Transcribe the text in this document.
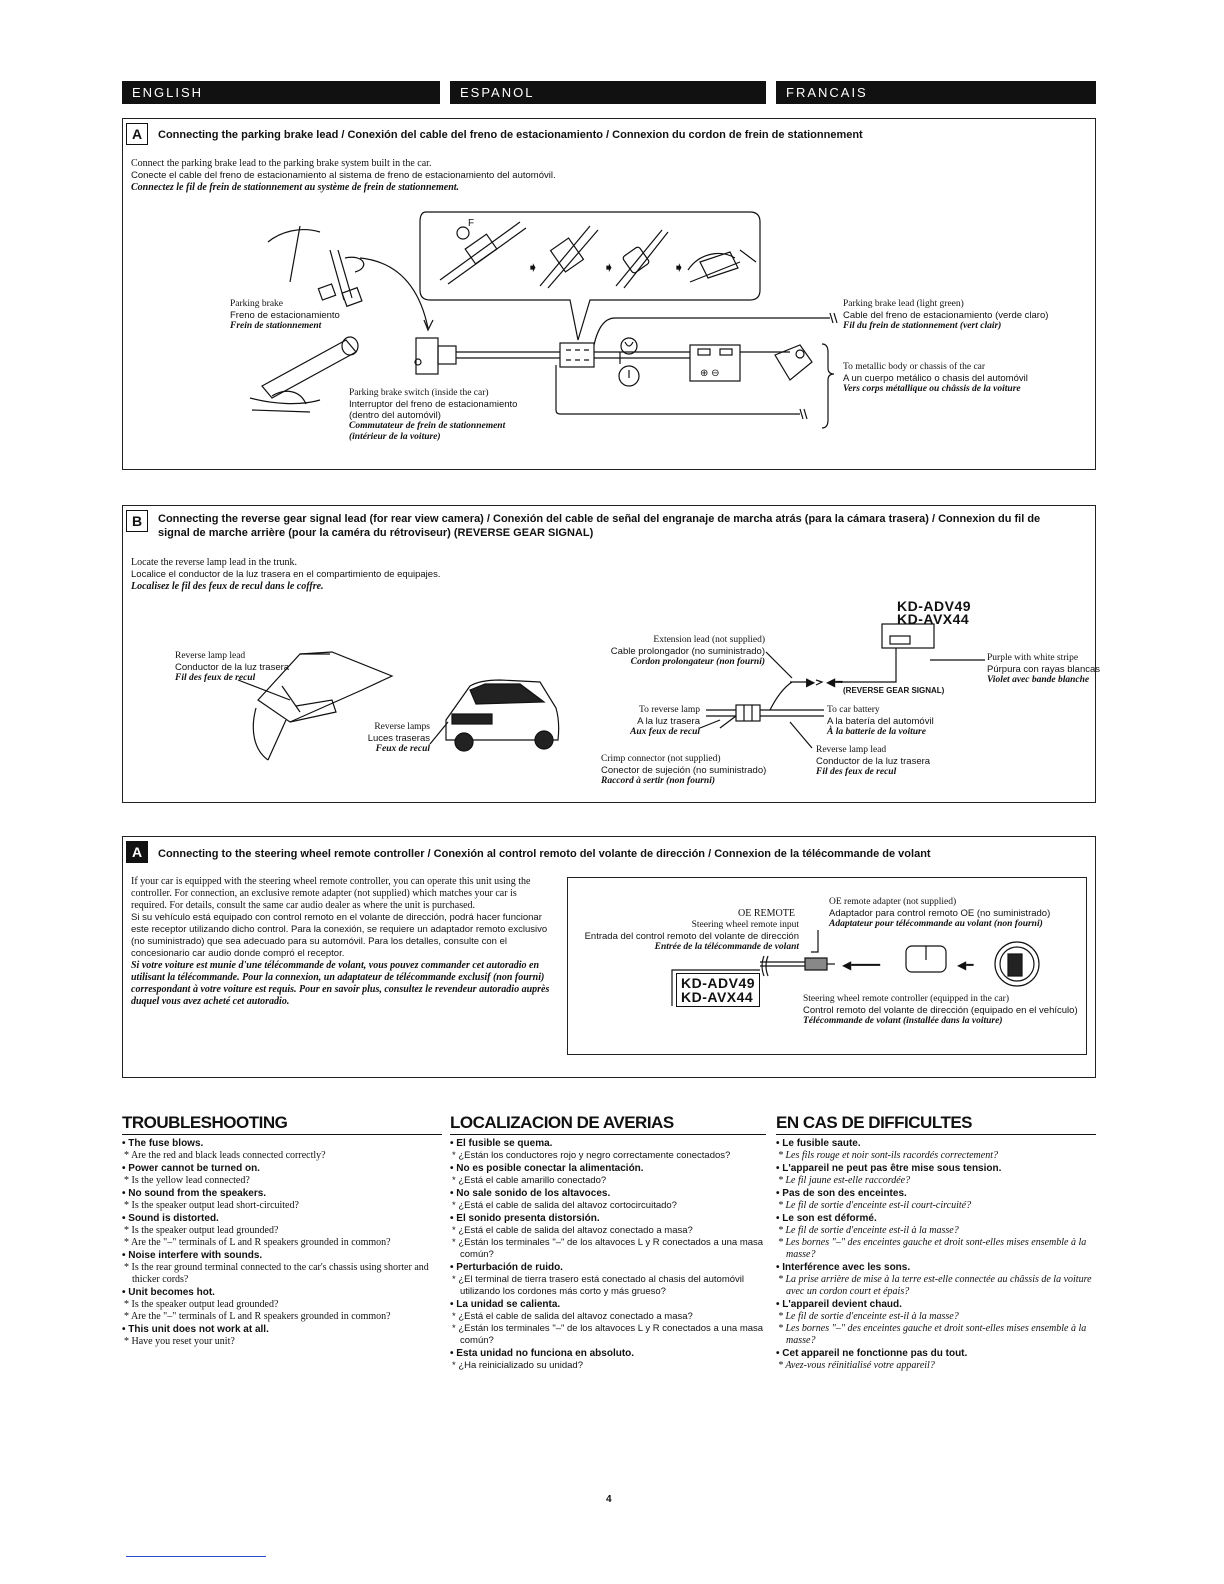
ENGLISH	ESPANOL	FRANCAIS
A	Connecting the parking brake lead / Conexión del cable del freno de estacionamiento / Connexion du cordon de frein de stationnement
Connect the parking brake lead to the parking brake system built in the car.
Conecte el cable del freno de estacionamiento al sistema de freno de estacionamiento del automóvil.
Connectez le fil de frein de stationnement au système de frein de stationnement.
⊕ ⊖
F
➧	➧	➧
Parking brake
Freno de estacionamiento
Frein de stationnement
Parking brake switch (inside the car)
Interruptor del freno de estacionamiento
(dentro del automóvil)
Commutateur de frein de stationnement
(intérieur de la voiture)
Parking brake lead (light green)
Cable del freno de estacionamiento (verde claro)
Fil du frein de stationnement (vert clair)
To metallic body or chassis of the car
A un cuerpo metálico o chasis del automóvil
Vers corps métallique ou châssis de la voiture
B	Connecting the reverse gear signal lead (for rear view camera) / Conexión del cable de señal del engranaje de marcha atrás (para la cámara trasera) / Connexion du fil de
signal de marche arrière (pour la caméra du rétroviseur) (REVERSE GEAR SIGNAL)
Locate the reverse lamp lead in the trunk.
Localice el conductor de la luz trasera en el compartimiento de equipajes.
Localisez le fil des feux de recul dans le coffre.
KD-ADV49
KD-AVX44
◀━
▶
Reverse lamp lead
Conductor de la luz trasera
Fil des feux de recul
Reverse lamps
Luces traseras
Feux de recul
Extension lead (not supplied)
Cable prolongador (no suministrado)
Cordon prolongateur (non fourni)	Purple with white stripe
Púrpura con rayas blancas
Violet avec bande blanche
(REVERSE GEAR SIGNAL)
To reverse lamp
A la luz trasera
Aux feux de recul
To car battery
A la batería del automóvil
À la batterie de la voiture
Crimp connector (not supplied)
Conector de sujeción (no suministrado)
Raccord à sertir (non fourni)
Reverse lamp lead
Conductor de la luz trasera
Fil des feux de recul
A	Connecting to the steering wheel remote controller / Conexión al control remoto del volante de dirección / Connexion de la télécommande de volant
If your car is equipped with the steering wheel remote controller, you can operate this unit using the controller. For connection, an exclusive remote adapter (not supplied) which matches your car is required. For details, consult the same car audio dealer as where the unit is purchased.
Si su vehículo está equipado con control remoto en el volante de dirección, podrá hacer funcionar este receptor utilizando dicho control. Para la conexión, se requiere un adaptador remoto exclusivo (no suministrado) que sea adecuado para su automóvil. Para los detalles, consulte con el concesionario car audio donde compró el receptor.
Si votre voiture est munie d'une télécommande de volant, vous pouvez commander cet autoradio en utilisant la télécommande. Pour la connexion, un adaptateur de télécommande exclusif (non fourni) correspondant à votre voiture est requis. Pour en savoir plus, consultez le revendeur autoradio auprès duquel vous avez acheté cet autoradio.
OE REMOTE
Steering wheel remote input
Entrada del control remoto del volante de dirección
Entrée de la télécommande de volant
OE remote adapter (not supplied)
Adaptador para control remoto OE (no suministrado)
Adaptateur pour télécommande au volant (non fourni)
Steering wheel remote controller (equipped in the car)
Control remoto del volante de dirección (equipado en el vehículo)
Télécommande de volant (installée dans la voiture)
KD-ADV49
KD-AVX44
◀━━━━	◀━
TROUBLESHOOTING
• The fuse blows.
* Are the red and black leads connected correctly?
• Power cannot be turned on.
* Is the yellow lead connected?
• No sound from the speakers.
* Is the speaker output lead short-circuited?
• Sound is distorted.
* Is the speaker output lead grounded?
* Are the "–" terminals of L and R speakers grounded in common?
• Noise interfere with sounds.
* Is the rear ground terminal connected to the car's chassis using shorter and thicker cords?
• Unit becomes hot.
* Is the speaker output lead grounded?
* Are the "–" terminals of L and R speakers grounded in common?
• This unit does not work at all.
* Have you reset your unit?
LOCALIZACION DE AVERIAS
• El fusible se quema.
* ¿Están los conductores rojo y negro correctamente conectados?
• No es posible conectar la alimentación.
* ¿Está el cable amarillo conectado?
• No sale sonido de los altavoces.
* ¿Está el cable de salida del altavoz cortocircuitado?
• El sonido presenta distorsión.
* ¿Está el cable de salida del altavoz conectado a masa?
* ¿Están los terminales "–" de los altavoces L y R conectados a una masa común?
• Perturbación de ruido.
* ¿El terminal de tierra trasero está conectado al chasis del automóvil utilizando los cordones más corto y más grueso?
• La unidad se calienta.
* ¿Está el cable de salida del altavoz conectado a masa?
* ¿Están los terminales "–" de los altavoces L y R conectados a una masa común?
• Esta unidad no funciona en absoluto.
* ¿Ha reinicializado su unidad?
EN CAS DE DIFFICULTES
• Le fusible saute.
* Les fils rouge et noir sont-ils racordés correctement?
• L'appareil ne peut pas être mise sous tension.
* Le fil jaune est-elle raccordée?
• Pas de son des enceintes.
* Le fil de sortie d'enceinte est-il court-circuité?
• Le son est déformé.
* Le fil de sortie d'enceinte est-il à la masse?
* Les bornes "–" des enceintes gauche et droit sont-elles mises ensemble à la masse?
• Interférence avec les sons.
* La prise arrière de mise à la terre est-elle connectée au châssis de la voiture avec un cordon court et épais?
• L'appareil devient chaud.
* Le fil de sortie d'enceinte est-il à la masse?
* Les bornes "–" des enceintes gauche et droit sont-elles mises ensemble à la masse?
• Cet appareil ne fonctionne pas du tout.
* Avez-vous réinitialisé votre appareil?
4
